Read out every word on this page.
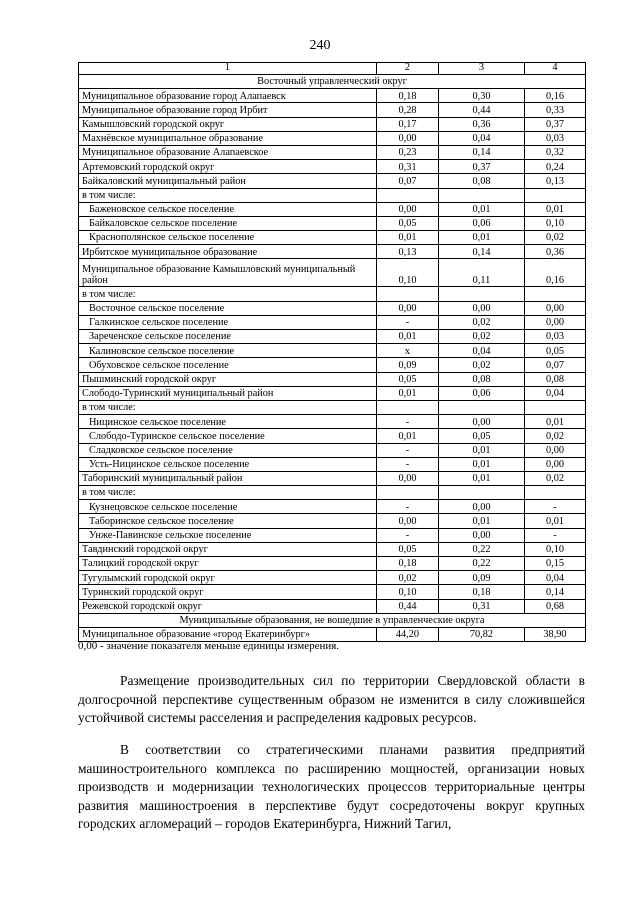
240
1	2	3	4
Восточный управленческий округ			
Муниципальное образование город Алапаевск	0,18	0,30	0,16
Муниципальное образование город Ирбит	0,28	0,44	0,33
Камышловский городской округ	0,17	0,36	0,37
Махнёвское муниципальное образование	0,00	0,04	0,03
Муниципальное образование Алапаевское	0,23	0,14	0,32
Артемовский городской округ	0,31	0,37	0,24
Байкаловский муниципальный район	0,07	0,08	0,13
в том числе:			
Баженовское сельское поселение	0,00	0,01	0,01
Байкаловское сельское поселение	0,05	0,06	0,10
Краснополянское сельское поселение	0,01	0,01	0,02
Ирбитское муниципальное образование	0,13	0,14	0,36
Муниципальное образование Камышловский муниципальный район	0,10	0,11	0,16
в том числе:			
Восточное сельское поселение	0,00	0,00	0,00
Галкинское сельское поселение	-	0,02	0,00
Зареченское сельское поселение	0,01	0,02	0,03
Калиновское сельское поселение	x	0,04	0,05
Обуховское сельское поселение	0,09	0,02	0,07
Пышминский городской округ	0,05	0,08	0,08
Слободо-Туринский муниципальный район	0,01	0,06	0,04
в том числе:			
Ницинское сельское поселение	-	0,00	0,01
Слободо-Туринское сельское поселение	0,01	0,05	0,02
Сладковское сельское поселение	-	0,01	0,00
Усть-Ницинское сельское поселение	-	0,01	0,00
Таборинский муниципальный район	0,00	0,01	0,02
в том числе:			
Кузнецовское сельское поселение	-	0,00	-
Таборинское сельское поселение	0,00	0,01	0,01
Унже-Павинское сельское поселение	-	0,00	-
Тавдинский городской округ	0,05	0,22	0,10
Талицкий городской округ	0,18	0,22	0,15
Тугулымский городской округ	0,02	0,09	0,04
Туринский городской округ	0,10	0,18	0,14
Режевской городской округ	0,44	0,31	0,68
Муниципальные образования, не вошедшие в управленческие округа			
Муниципальное образование «город Екатеринбург»	44,20	70,82	38,90
0,00 - значение показателя меньше единицы измерения.

Размещение производительных сил по территории Свердловской области в долгосрочной перспективе существенным образом не изменится в силу сложившейся устойчивой системы расселения и распределения кадровых ресурсов.

В соответствии со стратегическими планами развития предприятий машиностроительного комплекса по расширению мощностей, организации новых производств и модернизации технологических процессов территориальные центры развития машиностроения в перспективе будут сосредоточены вокруг крупных городских агломераций – городов Екатеринбурга, Нижний Тагил,
